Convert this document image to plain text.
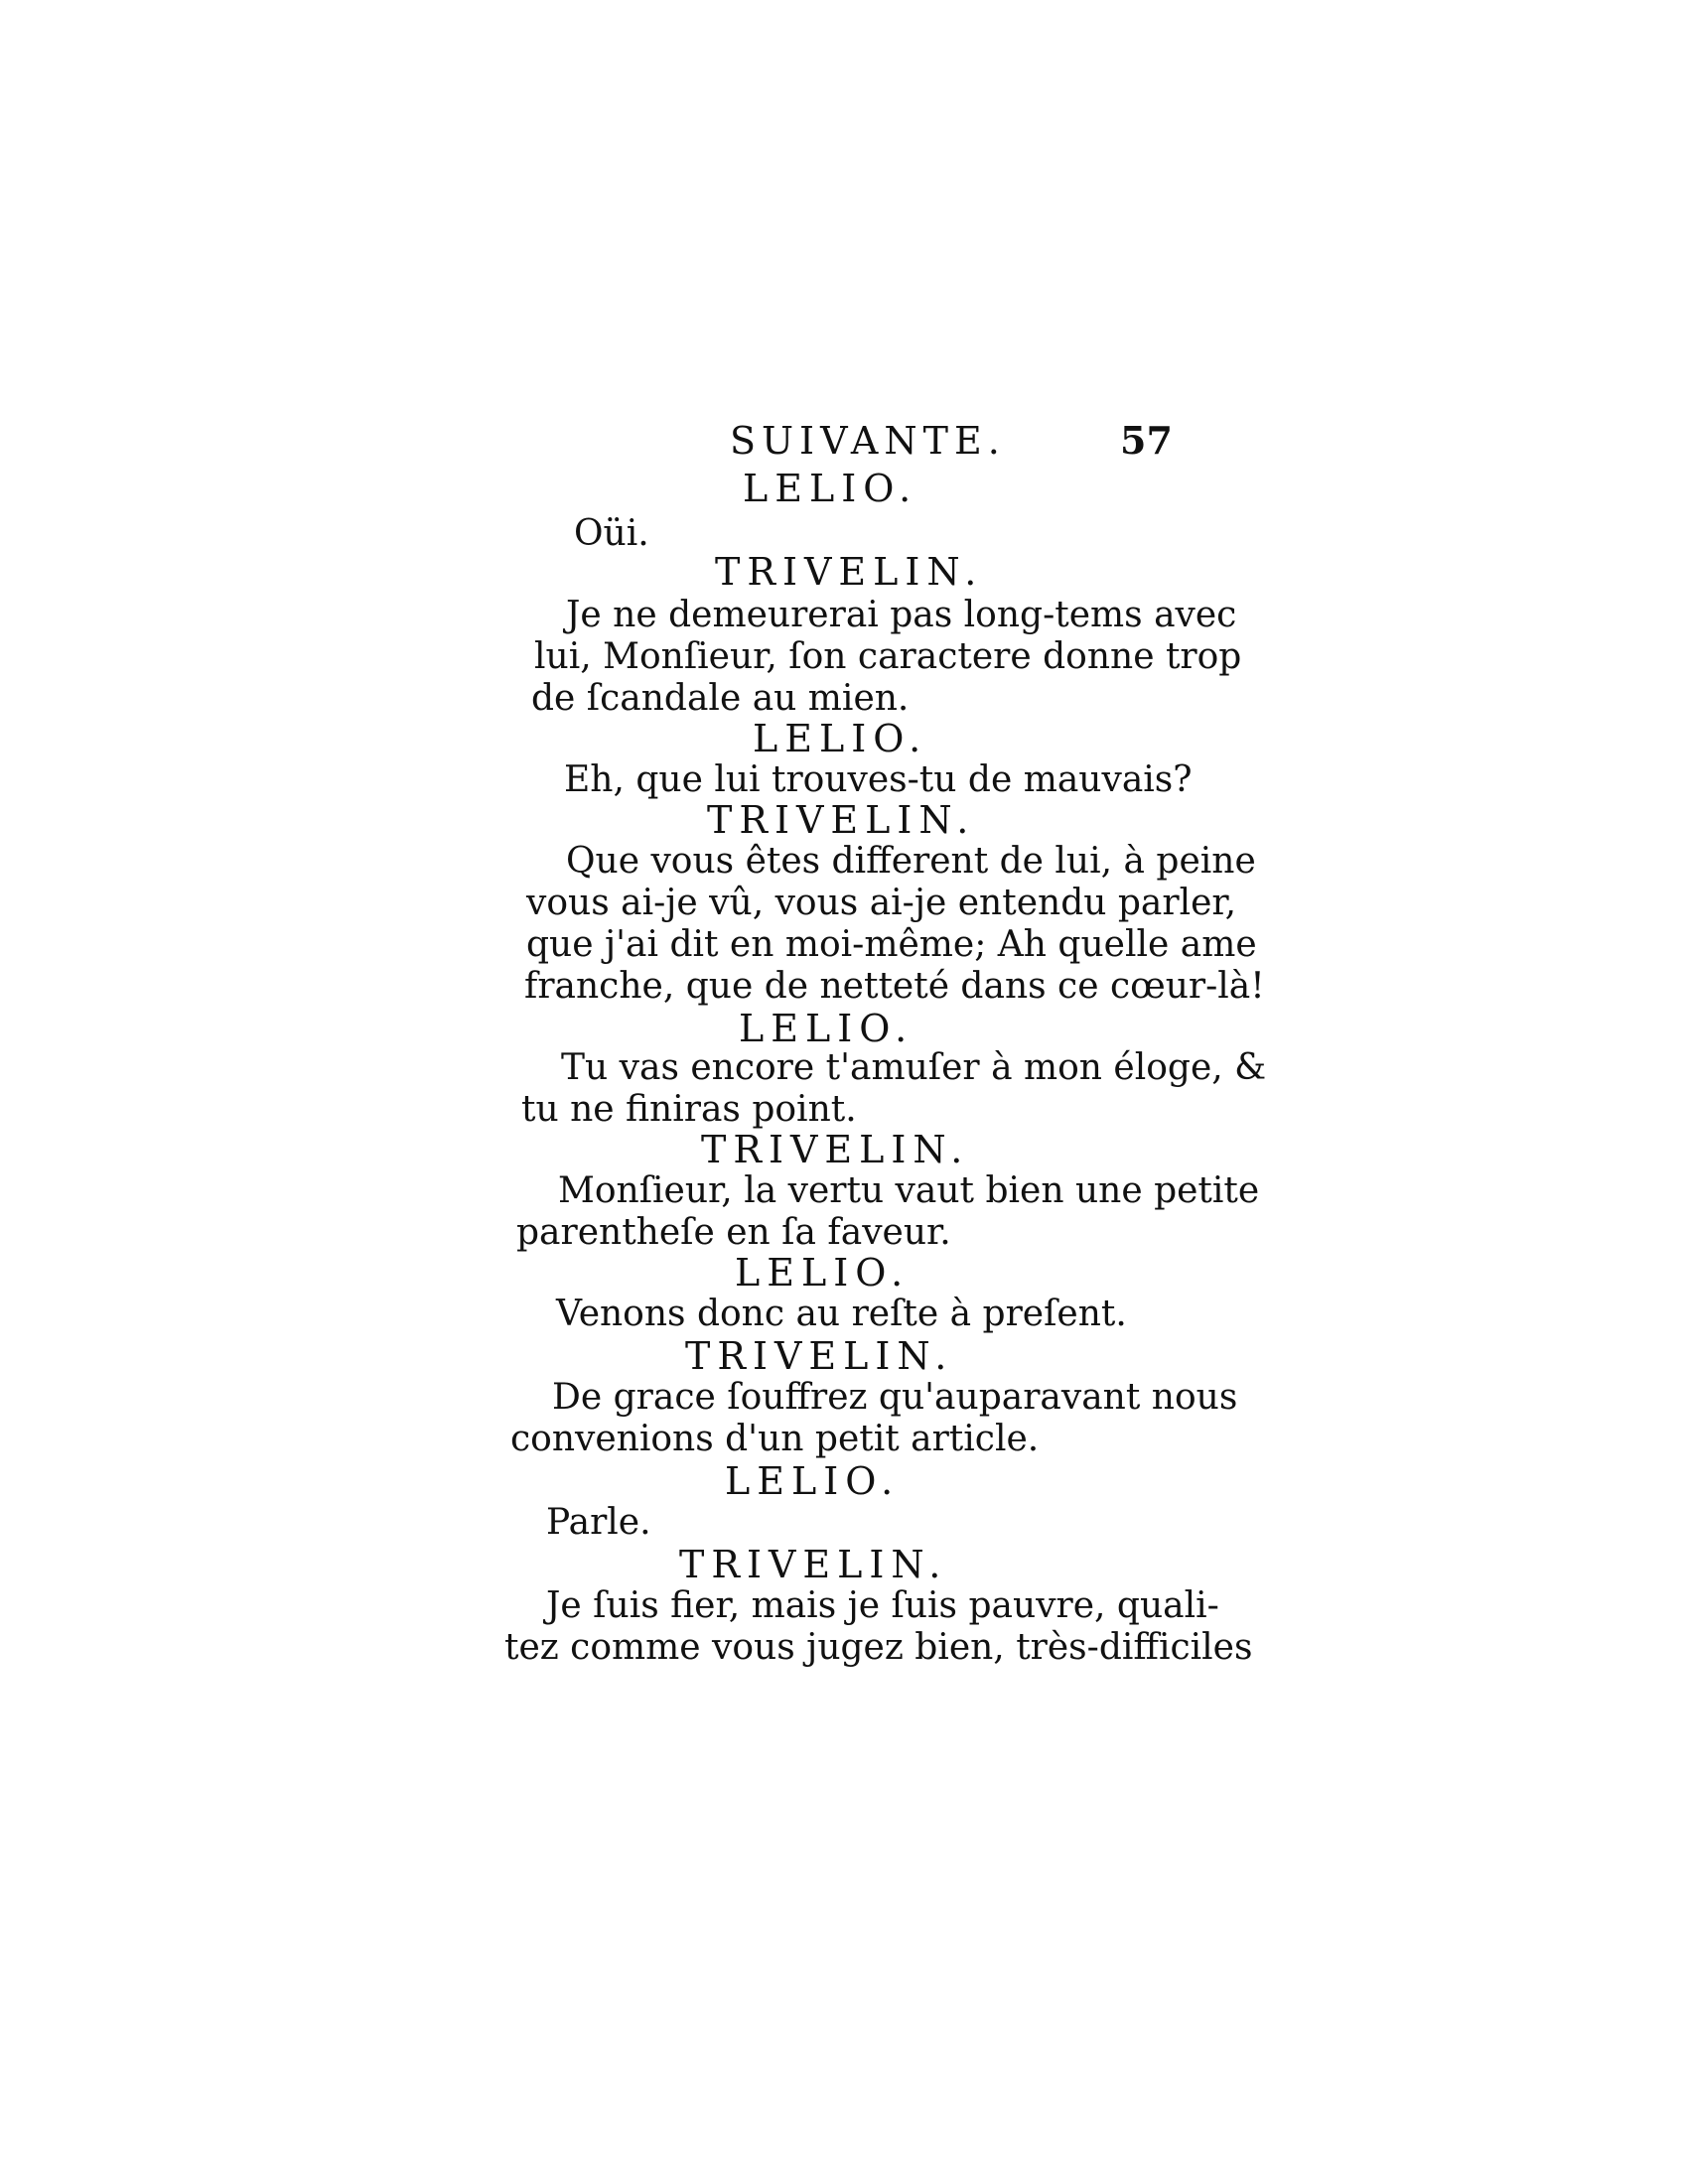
SUIVANTE.	57
LELIO.
Oüi.
TRIVELIN.
Je ne demeurerai pas long-tems avec
lui, Monſieur, ſon caractere donne trop
de ſcandale au mien.
LELIO.
Eh, que lui trouves-tu de mauvais?
TRIVELIN.
Que vous êtes different de lui, à peine
vous ai-je vû, vous ai-je entendu parler,
que j'ai dit en moi-même; Ah quelle ame
franche, que de netteté dans ce cœur-là!
LELIO.
Tu vas encore t'amuſer à mon éloge, &
tu ne finiras point.
TRIVELIN.
Monſieur, la vertu vaut bien une petite
parentheſe en ſa faveur.
LELIO.
Venons donc au reſte à preſent.
TRIVELIN.
De grace ſouffrez qu'auparavant nous
convenions d'un petit article.
LELIO.
Parle.
TRIVELIN.
Je ſuis fier, mais je ſuis pauvre, quali-
tez comme vous jugez bien, très-difficiles
